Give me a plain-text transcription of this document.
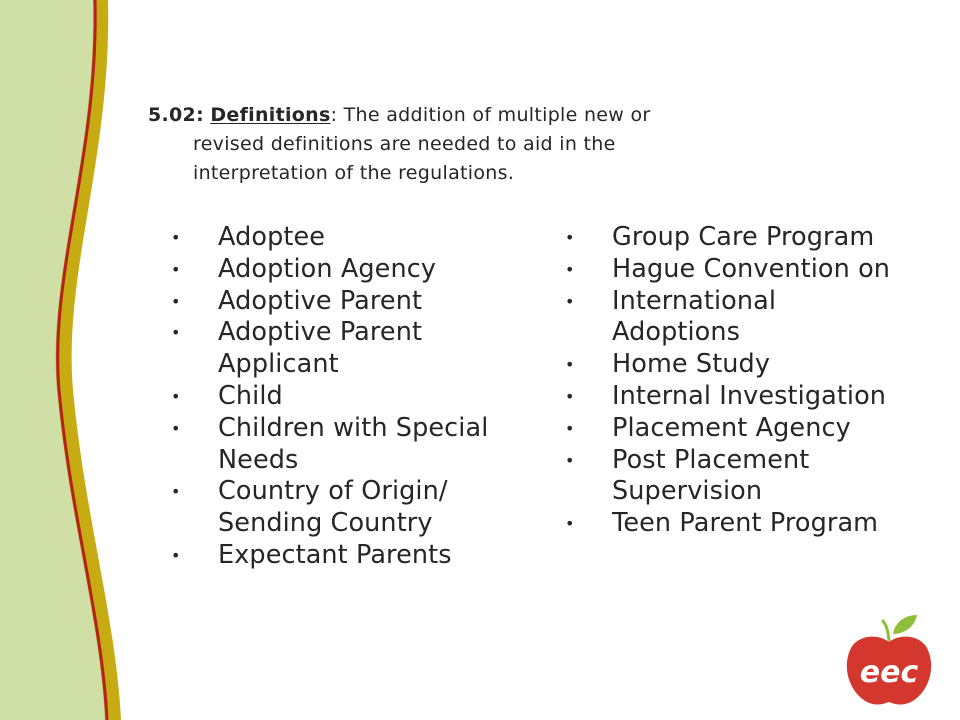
5.02: Definitions: The addition of multiple new or
revised definitions are needed to aid in the
interpretation of the regulations.
• Adoptee
• Adoption Agency
• Adoptive Parent
• Adoptive Parent
Applicant
• Child
• Children with Special
Needs
• Country of Origin/
Sending Country
• Expectant Parents
• Group Care Program
• Hague Convention on
• International
Adoptions
• Home Study
• Internal Investigation
• Placement Agency
• Post Placement
Supervision
• Teen Parent Program
eec
